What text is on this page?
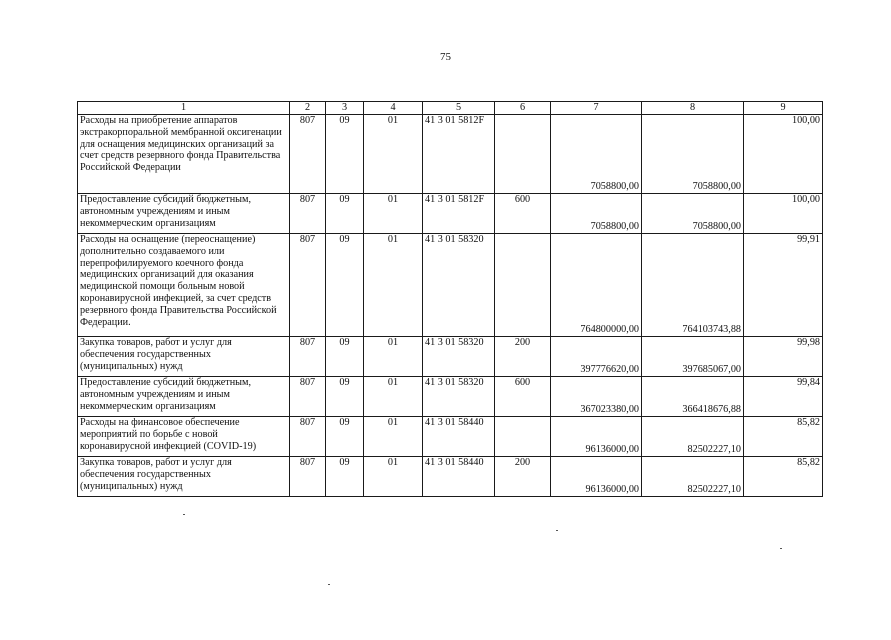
75
1	2	3	4	5	6	7	8	9
Расходы на приобретение аппаратов экстракорпоральной мембранной оксигенации для оснащения медицинских организаций за счет средств резервного фонда Правительства Российской Федерации	807	09	01	41 3 01 5812F		7058800,00	7058800,00	100,00
Предоставление субсидий бюджетным, автономным учреждениям и иным некоммерческим организациям	807	09	01	41 3 01 5812F	600	7058800,00	7058800,00	100,00
Расходы на оснащение (переоснащение) дополнительно создаваемого или перепрофилируемого коечного фонда медицинских организаций для оказания медицинской помощи больным новой коронавирусной инфекцией, за счет средств резервного фонда Правительства Российской Федерации.	807	09	01	41 3 01 58320		764800000,00	764103743,88	99,91
Закупка товаров, работ и услуг для обеспечения государственных (муниципальных) нужд	807	09	01	41 3 01 58320	200	397776620,00	397685067,00	99,98
Предоставление субсидий бюджетным, автономным учреждениям и иным некоммерческим организациям	807	09	01	41 3 01 58320	600	367023380,00	366418676,88	99,84
Расходы на финансовое обеспечение мероприятий по борьбе с новой коронавирусной инфекцией (COVID-19)	807	09	01	41 3 01 58440		96136000,00	82502227,10	85,82
Закупка товаров, работ и услуг для обеспечения государственных (муниципальных) нужд	807	09	01	41 3 01 58440	200	96136000,00	82502227,10	85,82
